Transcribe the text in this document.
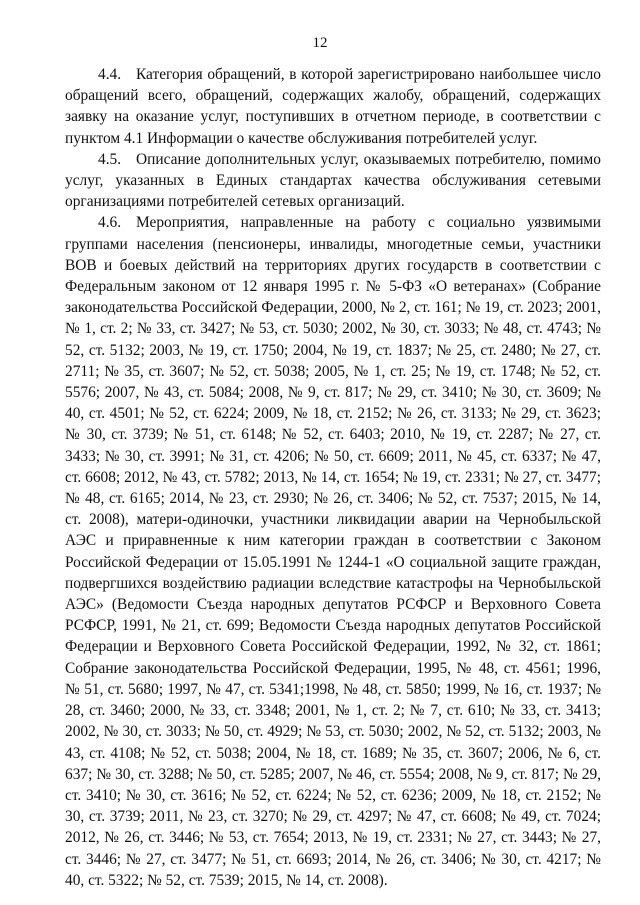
12

4.4. Категория обращений, в которой зарегистрировано наибольшее число обращений всего, обращений, содержащих жалобу, обращений, содержащих заявку на оказание услуг, поступивших в отчетном периоде, в соответствии с пунктом 4.1 Информации о качестве обслуживания потребителей услуг.

4.5. Описание дополнительных услуг, оказываемых потребителю, помимо услуг, указанных в Единых стандартах качества обслуживания сетевыми организациями потребителей сетевых организаций.

4.6. Мероприятия, направленные на работу с социально уязвимыми группами населения (пенсионеры, инвалиды, многодетные семьи, участники ВОВ и боевых действий на территориях других государств в соответствии с Федеральным законом от 12 января 1995 г. № 5-ФЗ «О ветеранах» (Собрание законодательства Российской Федерации, 2000, № 2, ст. 161; № 19, ст. 2023; 2001, № 1, ст. 2; № 33, ст. 3427; № 53, ст. 5030; 2002, № 30, ст. 3033; № 48, ст. 4743; № 52, ст. 5132; 2003, № 19, ст. 1750; 2004, № 19, ст. 1837; № 25, ст. 2480; № 27, ст. 2711; № 35, ст. 3607; № 52, ст. 5038; 2005, № 1, ст. 25; № 19, ст. 1748; № 52, ст. 5576; 2007, № 43, ст. 5084; 2008, № 9, ст. 817; № 29, ст. 3410; № 30, ст. 3609; № 40, ст. 4501; № 52, ст. 6224; 2009, № 18, ст. 2152; № 26, ст. 3133; № 29, ст. 3623; № 30, ст. 3739; № 51, ст. 6148; № 52, ст. 6403; 2010, № 19, ст. 2287; № 27, ст. 3433; № 30, ст. 3991; № 31, ст. 4206; № 50, ст. 6609; 2011, № 45, ст. 6337; № 47, ст. 6608; 2012, № 43, ст. 5782; 2013, № 14, ст. 1654; № 19, ст. 2331; № 27, ст. 3477; № 48, ст. 6165; 2014, № 23, ст. 2930; № 26, ст. 3406; № 52, ст. 7537; 2015, № 14, ст. 2008), матери-одиночки, участники ликвидации аварии на Чернобыльской АЭС и приравненные к ним категории граждан в соответствии с Законом Российской Федерации от 15.05.1991 № 1244-1 «О социальной защите граждан, подвергшихся воздействию радиации вследствие катастрофы на Чернобыльской АЭС» (Ведомости Съезда народных депутатов РСФСР и Верховного Совета РСФСР, 1991, № 21, ст. 699; Ведомости Съезда народных депутатов Российской Федерации и Верховного Совета Российской Федерации, 1992, № 32, ст. 1861; Собрание законодательства Российской Федерации, 1995, № 48, ст. 4561; 1996, № 51, ст. 5680; 1997, № 47, ст. 5341;1998, № 48, ст. 5850; 1999, № 16, ст. 1937; № 28, ст. 3460; 2000, № 33, ст. 3348; 2001, № 1, ст. 2; № 7, ст. 610; № 33, ст. 3413; 2002, № 30, ст. 3033; № 50, ст. 4929; № 53, ст. 5030; 2002, № 52, ст. 5132; 2003, № 43, ст. 4108; № 52, ст. 5038; 2004, № 18, ст. 1689; № 35, ст. 3607; 2006, № 6, ст. 637; № 30, ст. 3288; № 50, ст. 5285; 2007, № 46, ст. 5554; 2008, № 9, ст. 817; № 29, ст. 3410; № 30, ст. 3616; № 52, ст. 6224; № 52, ст. 6236; 2009, № 18, ст. 2152; № 30, ст. 3739; 2011, № 23, ст. 3270; № 29, ст. 4297; № 47, ст. 6608; № 49, ст. 7024; 2012, № 26, ст. 3446; № 53, ст. 7654; 2013, № 19, ст. 2331; № 27, ст. 3443; № 27, ст. 3446; № 27, ст. 3477; № 51, ст. 6693; 2014, № 26, ст. 3406; № 30, ст. 4217; № 40, ст. 5322; № 52, ст. 7539; 2015, № 14, ст. 2008).
